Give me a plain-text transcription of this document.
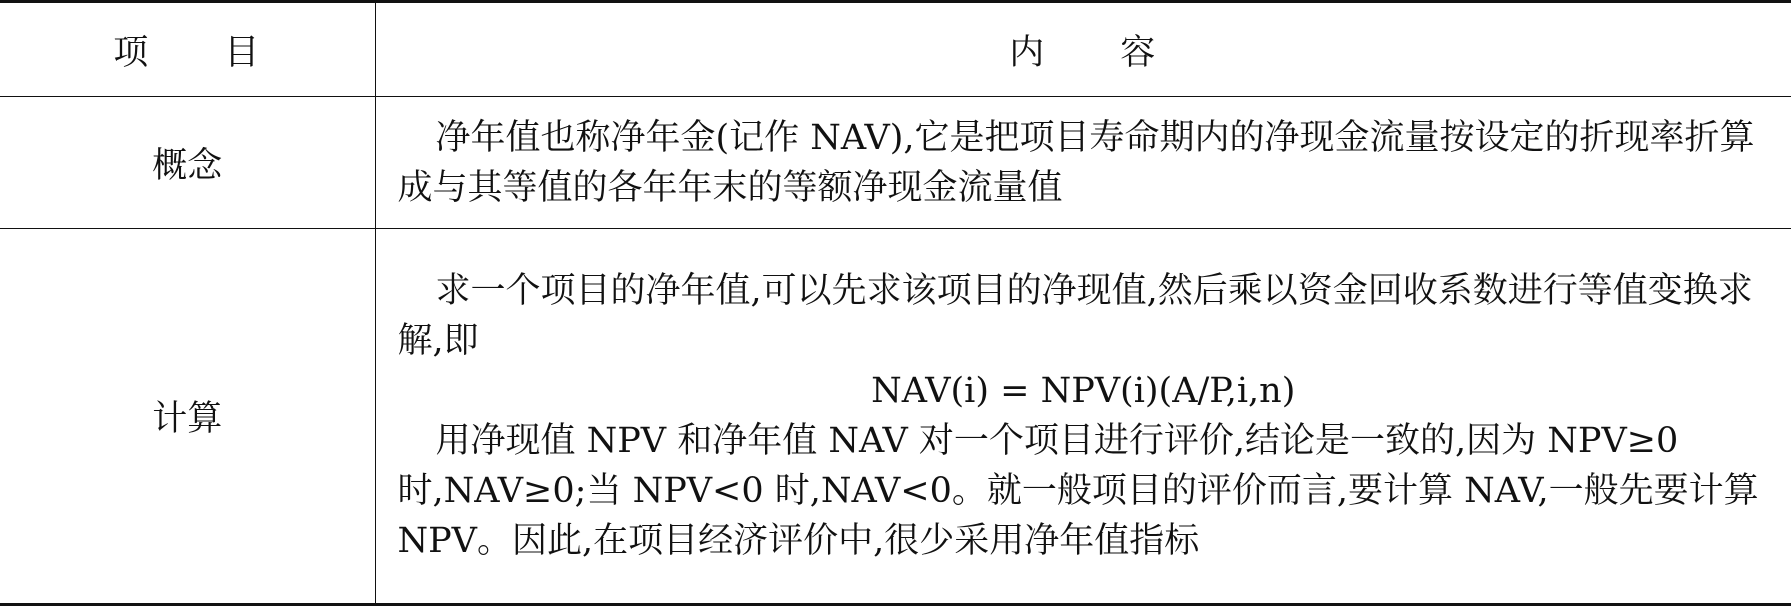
项　　目	内　　容
概念	净年值也称净年金(记作 NAV),它是把项目寿命期内的净现金流量按设定的折现率折算成与其等值的各年年末的等额净现金流量值

计算	求一个项目的净年值,可以先求该项目的净现值,然后乘以资金回收系数进行等值变换求解,即

NAV(i) = NPV(i)(A/P,i,n)

用净现值 NPV 和净年值 NAV 对一个项目进行评价,结论是一致的,因为 NPV≥0 时,NAV≥0;当 NPV<0 时,NAV<0。就一般项目的评价而言,要计算 NAV,一般先要计算 NPV。因此,在项目经济评价中,很少采用净年值指标
